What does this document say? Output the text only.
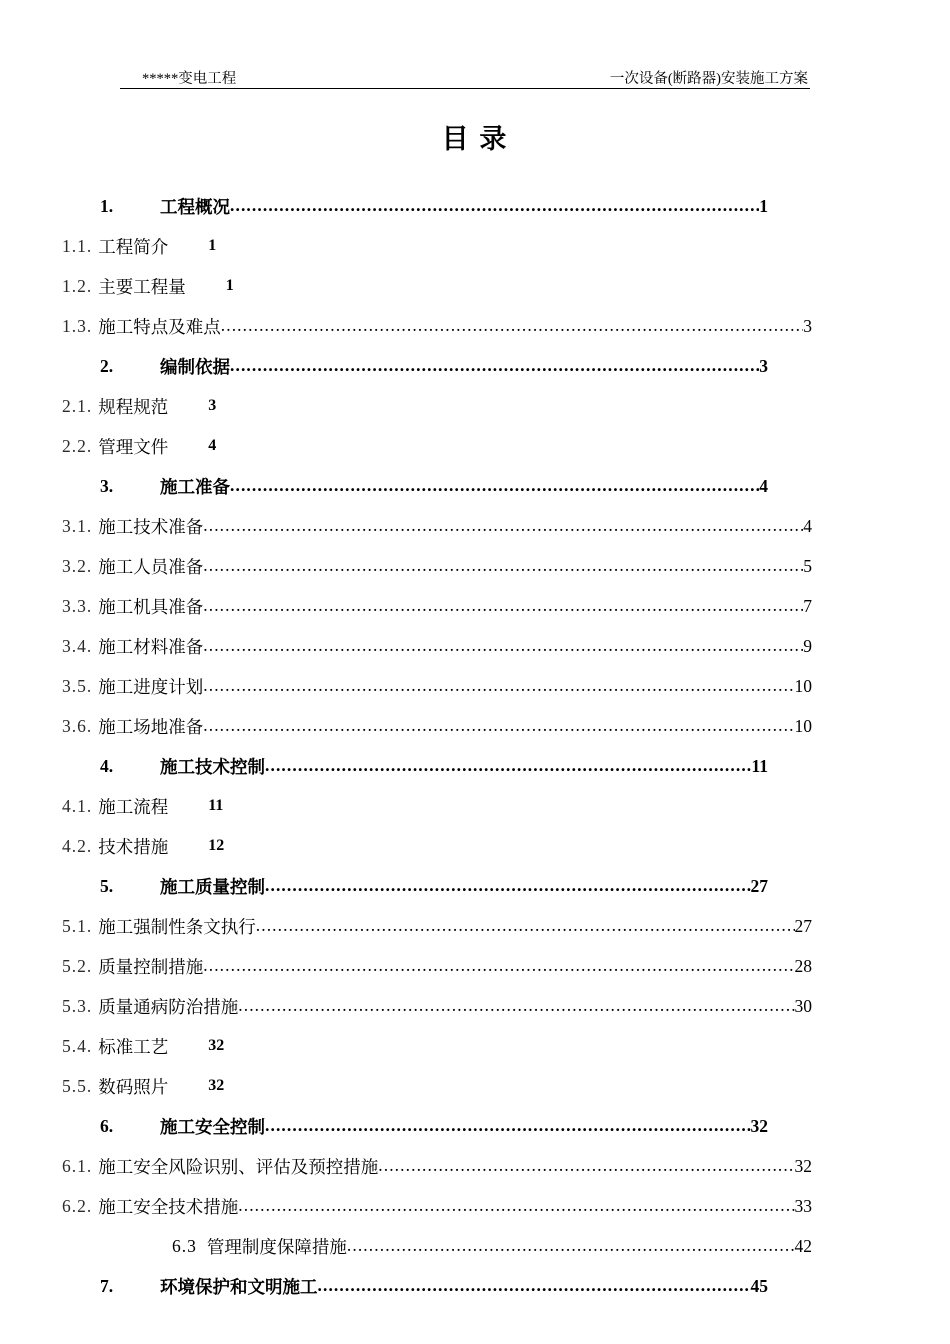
*****变电工程	一次设备(断路器)安装施工方案
目 录
1.	工程概况 .....	1
1.1. 工程简介	1
1.2. 主要工程量	1
1.3. 施工特点及难点 .....	3
2.	编制依据 .....	3
2.1. 规程规范	3
2.2. 管理文件	4
3.	施工准备 .....	4
3.1. 施工技术准备 .....	4
3.2. 施工人员准备 .....	5
3.3. 施工机具准备 .....	7
3.4. 施工材料准备 .....	9
3.5. 施工进度计划 .....	10
3.6. 施工场地准备 .....	10
4.	施工技术控制 .....	11
4.1. 施工流程	11
4.2. 技术措施	12
5.	施工质量控制 .....	27
5.1. 施工强制性条文执行 .....	27
5.2. 质量控制措施 .....	28
5.3. 质量通病防治措施 .....	30
5.4. 标准工艺	32
5.5. 数码照片	32
6.	施工安全控制 .....	32
6.1. 施工安全风险识别、评估及预控措施 .....	32
6.2. 施工安全技术措施 .....	33
6.3 管理制度保障措施 .....	42
7.	环境保护和文明施工 .....	45
